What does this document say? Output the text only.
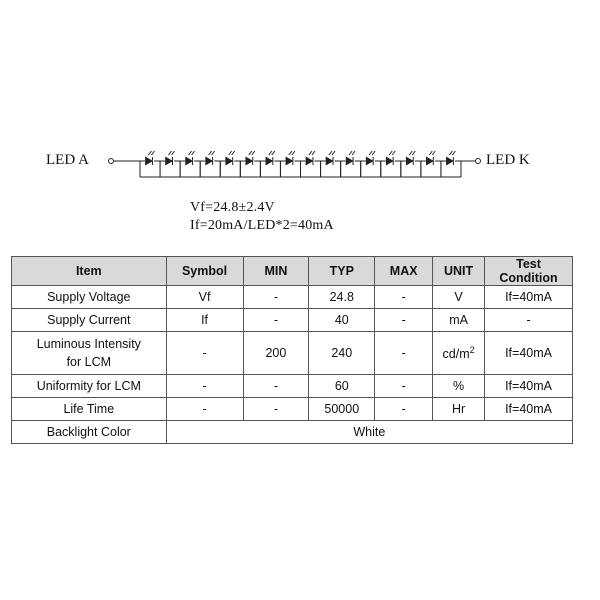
LED A	LED K
Vf=24.8±2.4V
If=20mA/LED*2=40mA
Item	Symbol	MIN	TYP	MAX	UNIT	Test Condition
Supply Voltage	Vf	-	24.8	-	V	If=40mA
Supply Current	If	-	40	-	mA	-
Luminous Intensity
for LCM	-	200	240	-	$cd/m^2$	If=40mA
Uniformity for LCM	-	-	60	-	%	If=40mA
Life Time	-	-	50000	-	Hr	If=40mA
Backlight Color	White					
